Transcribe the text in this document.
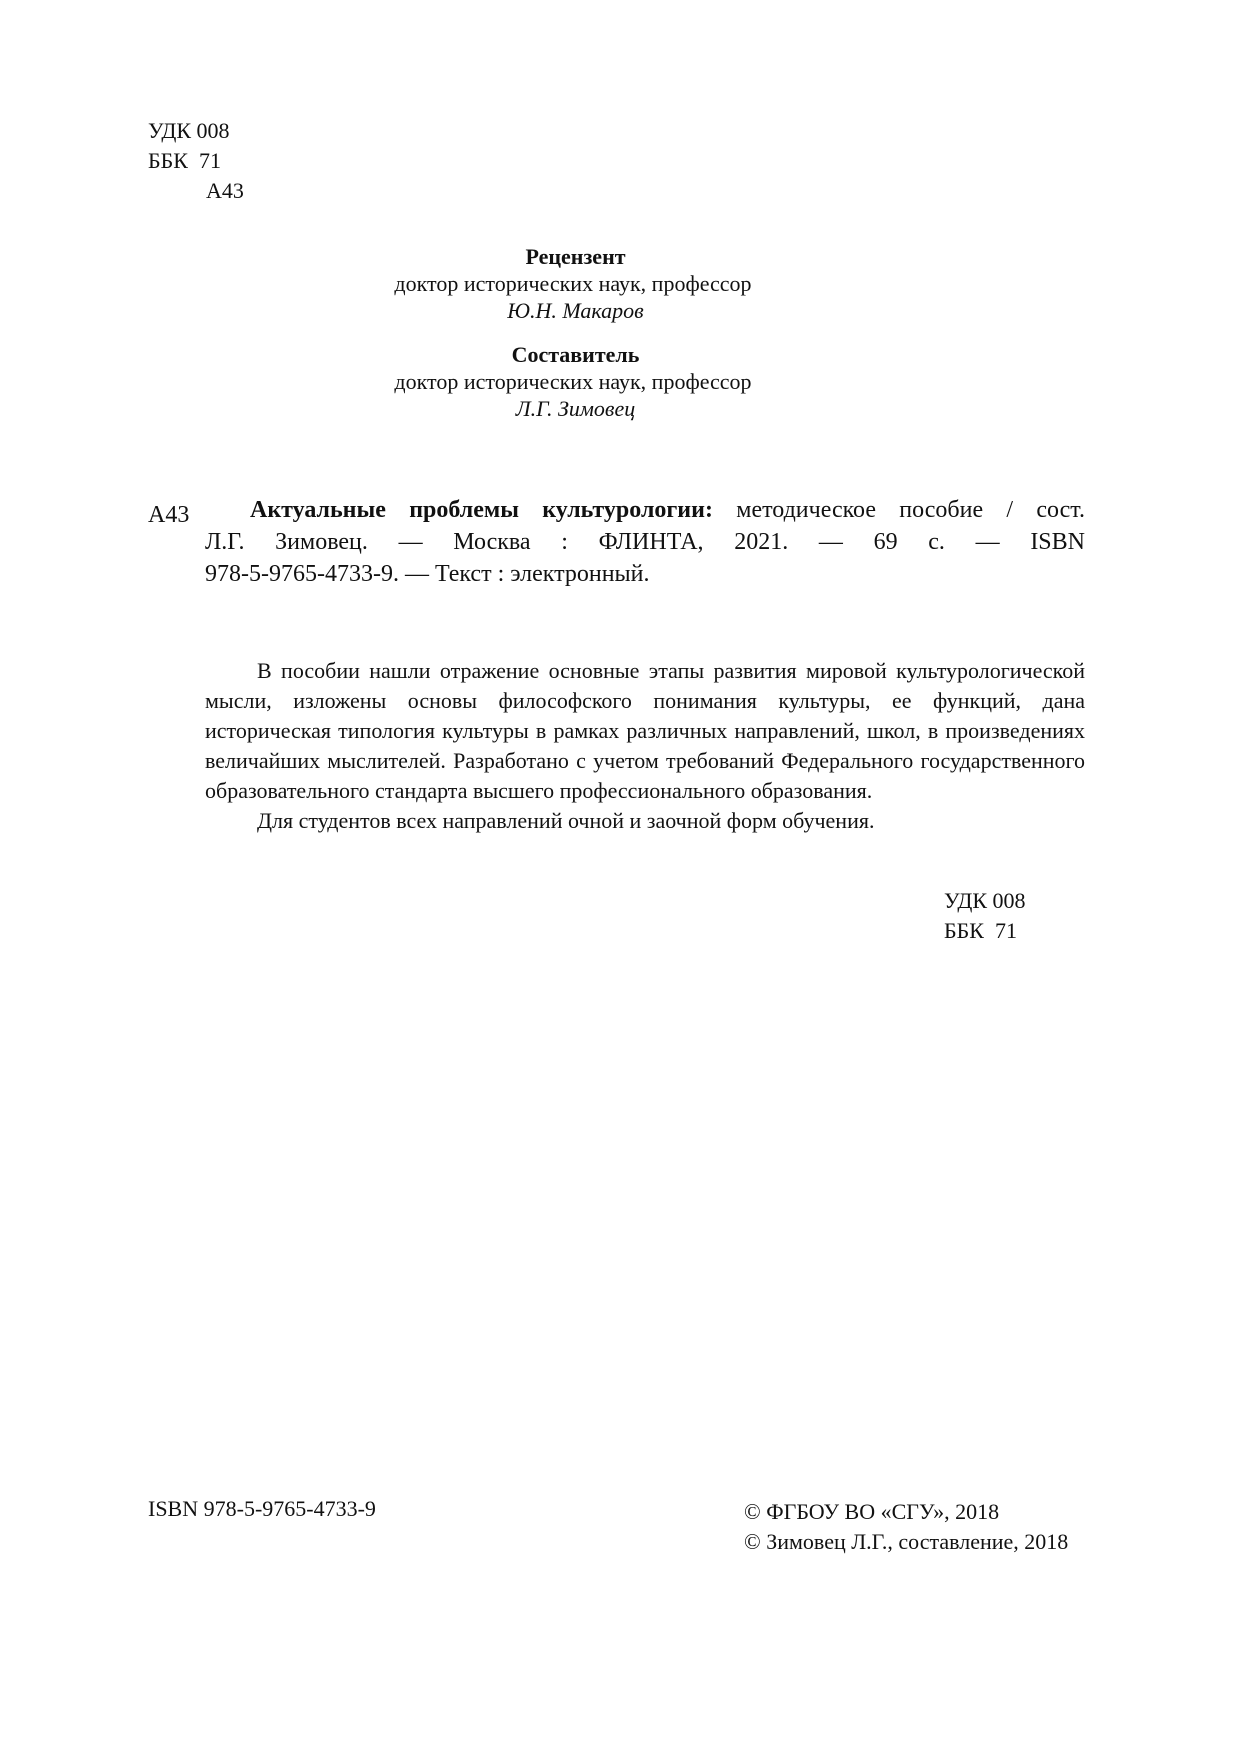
УДК 008
ББК  71
А43
Рецензент
доктор исторических наук, профессор
Ю.Н. Макаров
Составитель
доктор исторических наук, профессор
Л.Г. Зимовец
А43	Актуальные проблемы культурологии: методическое пособие / сост.
Л.Г. Зимовец. — Москва : ФЛИНТА, 2021. — 69 с. — ISBN
978-5-9765-4733-9. — Текст : электронный.

В пособии нашли отражение основные этапы развития мировой культурологической мысли, изложены основы философского понимания культуры, ее функций, дана историческая типология культуры в рамках различных направлений, школ, в произведениях величайших мыслителей. Разработано с учетом требований Федерального государственного образовательного стандарта высшего профессионального образования.

Для студентов всех направлений очной и заочной форм обучения.

УДК 008
ББК  71
ISBN 978-5-9765-4733-9	© ФГБОУ ВО «СГУ», 2018
© Зимовец Л.Г., составление, 2018
